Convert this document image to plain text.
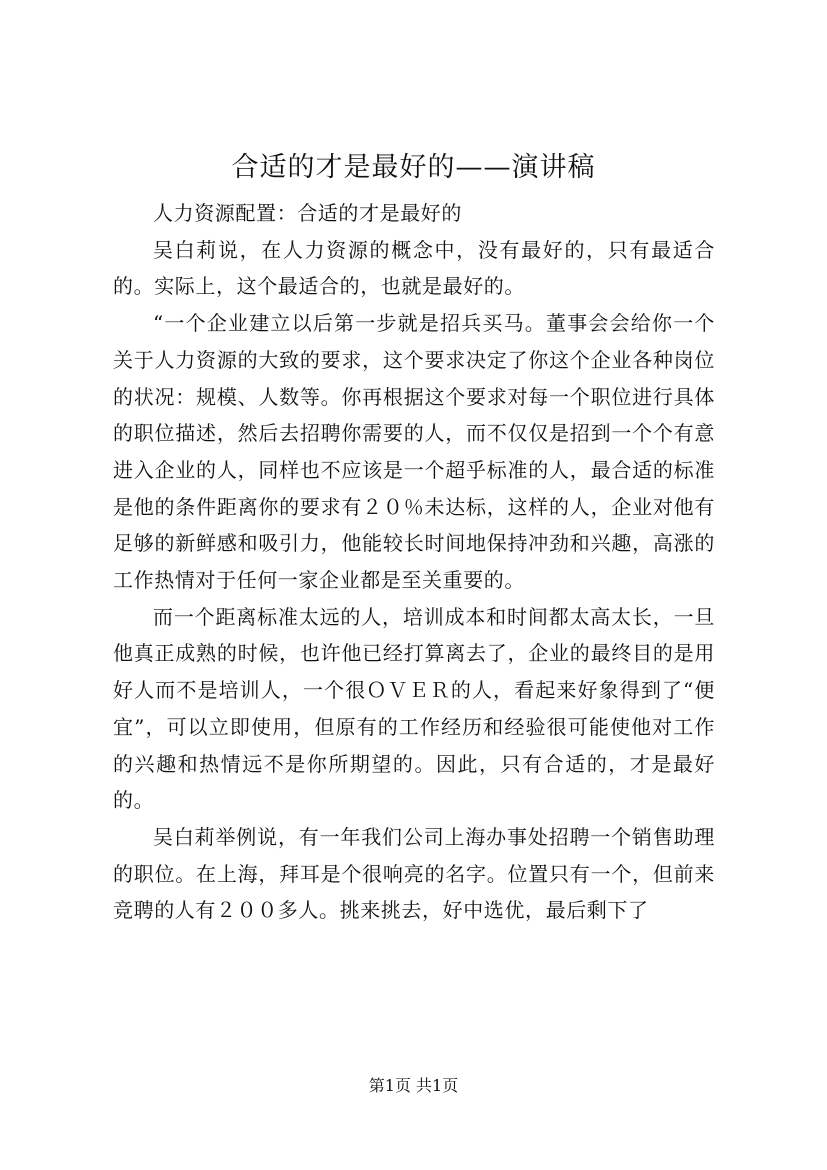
合适的才是最好的——演讲稿

人力资源配置：合适的才是最好的

吴白莉说，在人力资源的概念中，没有最好的，只有最适合的。实际上，这个最适合的，也就是最好的。

“一个企业建立以后第一步就是招兵买马。董事会会给你一个关于人力资源的大致的要求，这个要求决定了你这个企业各种岗位的状况：规模、人数等。你再根据这个要求对每一个职位进行具体的职位描述，然后去招聘你需要的人，而不仅仅是招到一个个有意进入企业的人，同样也不应该是一个超乎标准的人，最合适的标准是他的条件距离你的要求有２０％未达标，这样的人，企业对他有足够的新鲜感和吸引力，他能较长时间地保持冲劲和兴趣，高涨的工作热情对于任何一家企业都是至关重要的。

而一个距离标准太远的人，培训成本和时间都太高太长，一旦他真正成熟的时候，也许他已经打算离去了，企业的最终目的是用好人而不是培训人，一个很ＯＶＥＲ的人，看起来好象得到了“便宜”，可以立即使用，但原有的工作经历和经验很可能使他对工作的兴趣和热情远不是你所期望的。因此，只有合适的，才是最好的。

吴白莉举例说，有一年我们公司上海办事处招聘一个销售助理的职位。在上海，拜耳是个很响亮的名字。位置只有一个，但前来竞聘的人有２００多人。挑来挑去，好中选优，最后剩下了

第1页 共1页
